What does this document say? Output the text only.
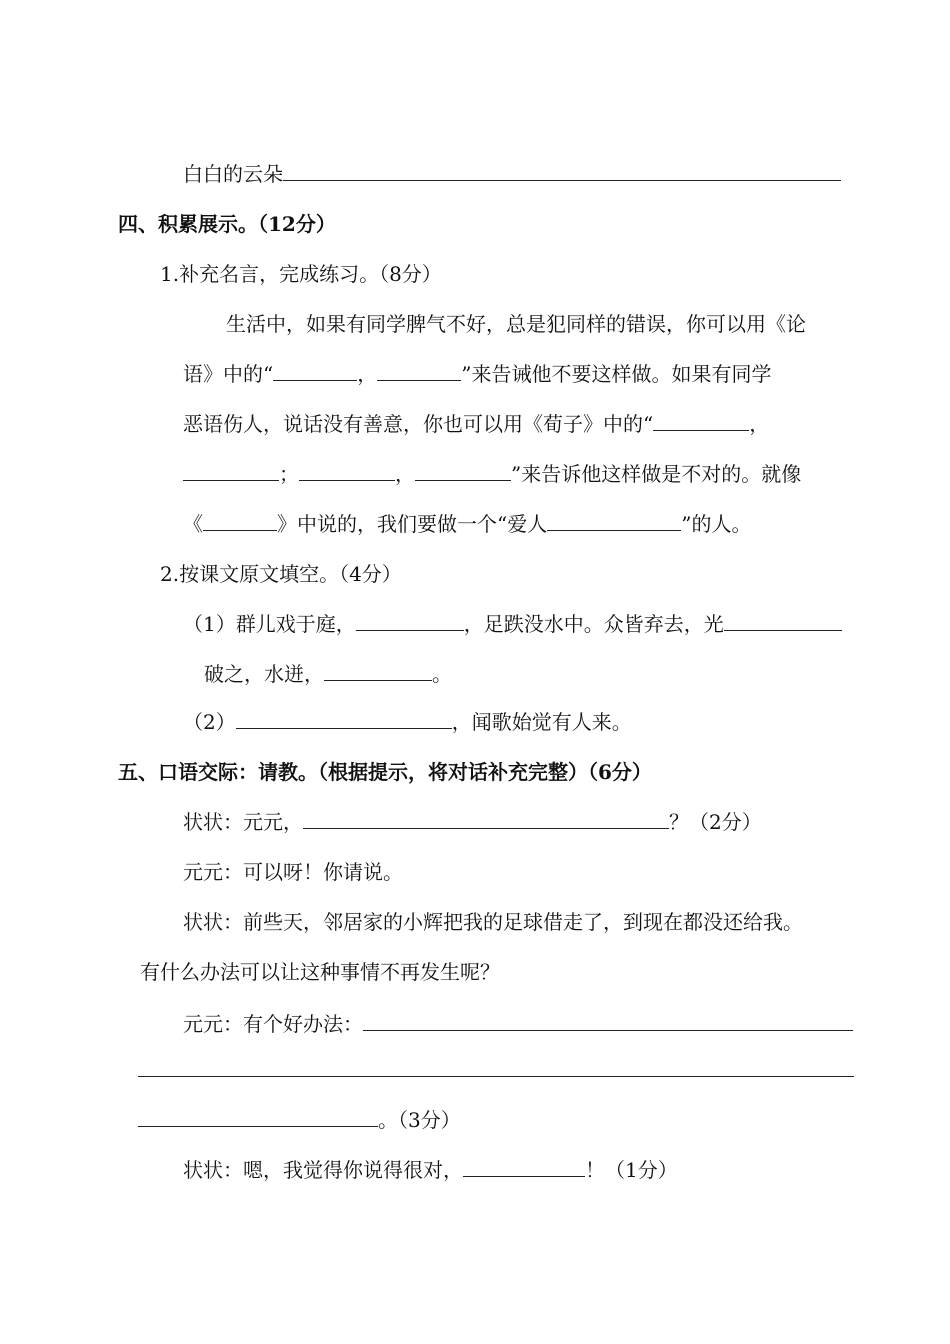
白白的云朵
四、积累展示。（12分）
1.补充名言，完成练习。（8分）
生活中，如果有同学脾气不好，总是犯同样的错误，你可以用《论
语》中的“	，	”来告诫他不要这样做。如果有同学
恶语伤人，说话没有善意，你也可以用《荀子》中的“	，
；	，	”来告诉他这样做是不对的。就像
《	》中说的，我们要做一个“爱人	”的人。
2.按课文原文填空。（4分）
（1）群儿戏于庭，	，足跌没水中。众皆弃去，光
破之，水迸，	。
（2）	，闻歌始觉有人来。
五、口语交际：请教。（根据提示，将对话补充完整）（6分）
状状：元元，	？（2分）
元元：可以呀！你请说。
状状：前些天，邻居家的小辉把我的足球借走了，到现在都没还给我。
有什么办法可以让这种事情不再发生呢？
元元：有个好办法：
。（3分）
状状：嗯，我觉得你说得很对，	！（1分）
